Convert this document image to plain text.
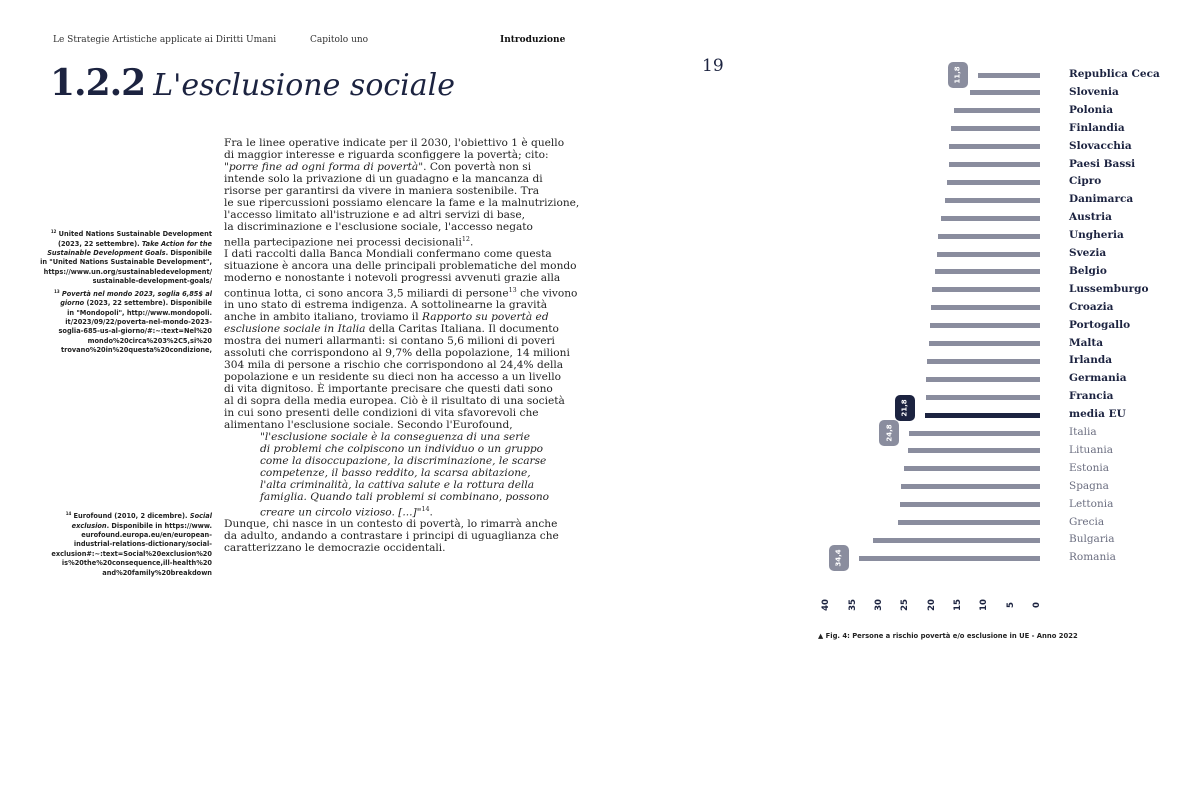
Le Strategie Artistiche applicate ai Diritti Umani	Capitolo uno	Introduzione
19
1.2.2 L'esclusione sociale
Fra le linee operative indicate per il 2030, l'obiettivo 1 è quello
di maggior interesse e riguarda sconfiggere la povertà; cito:
"porre fine ad ogni forma di povertà". Con povertà non si
intende solo la privazione di un guadagno e la mancanza di
risorse per garantirsi da vivere in maniera sostenibile. Tra
le sue ripercussioni possiamo elencare la fame e la malnutrizione,
l'accesso limitato all'istruzione e ad altri servizi di base,
la discriminazione e l'esclusione sociale, l'accesso negato
nella partecipazione nei processi decisionali$^{12}$.
I dati raccolti dalla Banca Mondiali confermano come questa
situazione è ancora una delle principali problematiche del mondo
moderno e nonostante i notevoli progressi avvenuti grazie alla
continua lotta, ci sono ancora 3,5 miliardi di persone$^{13}$ che vivono
in uno stato di estrema indigenza. A sottolinearne la gravità
anche in ambito italiano, troviamo il Rapporto su povertà ed
esclusione sociale in Italia della Caritas Italiana. Il documento
mostra dei numeri allarmanti: si contano 5,6 milioni di poveri
assoluti che corrispondono al 9,7% della popolazione, 14 milioni
304 mila di persone a rischio che corrispondono al 24,4% della
popolazione e un residente su dieci non ha accesso a un livello
di vita dignitoso. È importante precisare che questi dati sono
al di sopra della media europea. Ciò è il risultato di una società
in cui sono presenti delle condizioni di vita sfavorevoli che
alimentano l'esclusione sociale. Secondo l'Eurofound,
"l'esclusione sociale è la conseguenza di una serie
di problemi che colpiscono un individuo o un gruppo
come la disoccupazione, la discriminazione, le scarse
competenze, il basso reddito, la scarsa abitazione,
l'alta criminalità, la cattiva salute e la rottura della
famiglia. Quando tali problemi si combinano, possono
creare un circolo vizioso. [...]"$^{14}$.
Dunque, chi nasce in un contesto di povertà, lo rimarrà anche
da adulto, andando a contrastare i principi di uguaglianza che
caratterizzano le democrazie occidentali.
$^{12}$ United Nations Sustainable Development
(2023, 22 settembre). Take Action for the
Sustainable Development Goals. Disponibile
in "United Nations Sustainable Development",
https://www.un.org/sustainabledevelopment/
sustainable-development-goals/
$^{13}$ Povertà nel mondo 2023, soglia 6,85$ al
giorno (2023, 22 settembre). Disponibile
in "Mondopoli", http://www.mondopoli.
it/2023/09/22/poverta-nel-mondo-2023-
soglia-685-us-al-giorno/#:~:text=Nel%20
mondo%20circa%203%2C5,si%20
trovano%20in%20questa%20condizione,
$^{14}$ Eurofound (2010, 2 dicembre). Social
exclusion. Disponibile in https://www.
eurofound.europa.eu/en/european-
industrial-relations-dictionary/social-
exclusion#:~:text=Social%20exclusion%20
is%20the%20consequence,ill-health%20
and%20family%20breakdown
Republica Ceca
11,8
Slovenia
Polonia
Finlandia
Slovacchia
Paesi Bassi
Cipro
Danimarca
Austria
Ungheria
Svezia
Belgio
Lussemburgo
Croazia
Portogallo
Malta
Irlanda
Germania
Francia
media EU
21,8
Italia
24,8
Lituania
Estonia
Spagna
Lettonia
Grecia
Bulgaria
Romania
34,4
40 35 30 25 20 15 10 5 0
▲ Fig. 4: Persone a rischio povertà e/o esclusione in UE - Anno 2022
